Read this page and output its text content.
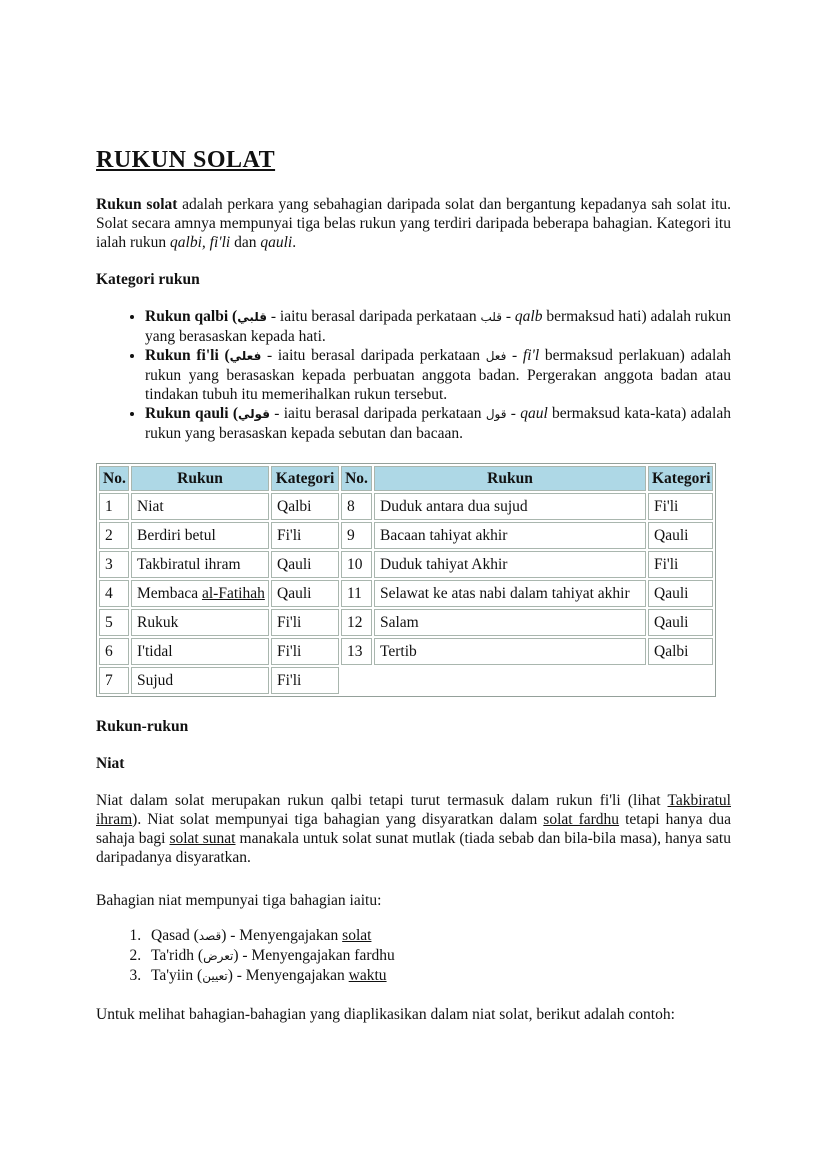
RUKUN SOLAT

Rukun solat adalah perkara yang sebahagian daripada solat dan bergantung kepadanya sah solat itu. Solat secara amnya mempunyai tiga belas rukun yang terdiri daripada beberapa bahagian. Kategori itu ialah rukun qalbi, fi'li dan qauli.

Kategori rukun
• Rukun qalbi (قلبي - iaitu berasal daripada perkataan قلب - qalb bermaksud hati) adalah rukun yang berasaskan kepada hati.
• Rukun fi'li (فعلي - iaitu berasal daripada perkataan فعل - fi'l bermaksud perlakuan) adalah rukun yang berasaskan kepada perbuatan anggota badan. Pergerakan anggota badan atau tindakan tubuh itu memerihalkan rukun tersebut.
• Rukun qauli (قولي - iaitu berasal daripada perkataan قول - qaul bermaksud kata-kata) adalah rukun yang berasaskan kepada sebutan dan bacaan.
No.	Rukun	Kategori	No.	Rukun	Kategori
1	Niat	Qalbi	8	Duduk antara dua sujud	Fi'li
2	Berdiri betul	Fi'li	9	Bacaan tahiyat akhir	Qauli
3	Takbiratul ihram	Qauli	10	Duduk tahiyat Akhir	Fi'li
4	Membaca al-Fatihah	Qauli	11	Selawat ke atas nabi dalam tahiyat akhir	Qauli
5	Rukuk	Fi'li	12	Salam	Qauli
6	I'tidal	Fi'li	13	Tertib	Qalbi
7	Sujud	Fi'li			
Rukun-rukun
Niat

Niat dalam solat merupakan rukun qalbi tetapi turut termasuk dalam rukun fi'li (lihat Takbiratul ihram). Niat solat mempunyai tiga bahagian yang disyaratkan dalam solat fardhu tetapi hanya dua sahaja bagi solat sunat manakala untuk solat sunat mutlak (tiada sebab dan bila-bila masa), hanya satu daripadanya disyaratkan.

Bahagian niat mempunyai tiga bahagian iaitu:

1. Qasad (قصد) - Menyengajakan solat
2. Ta'ridh (تعرض) - Menyengajakan fardhu
3. Ta'yiin (تعيين) - Menyengajakan waktu

Untuk melihat bahagian-bahagian yang diaplikasikan dalam niat solat, berikut adalah contoh:
